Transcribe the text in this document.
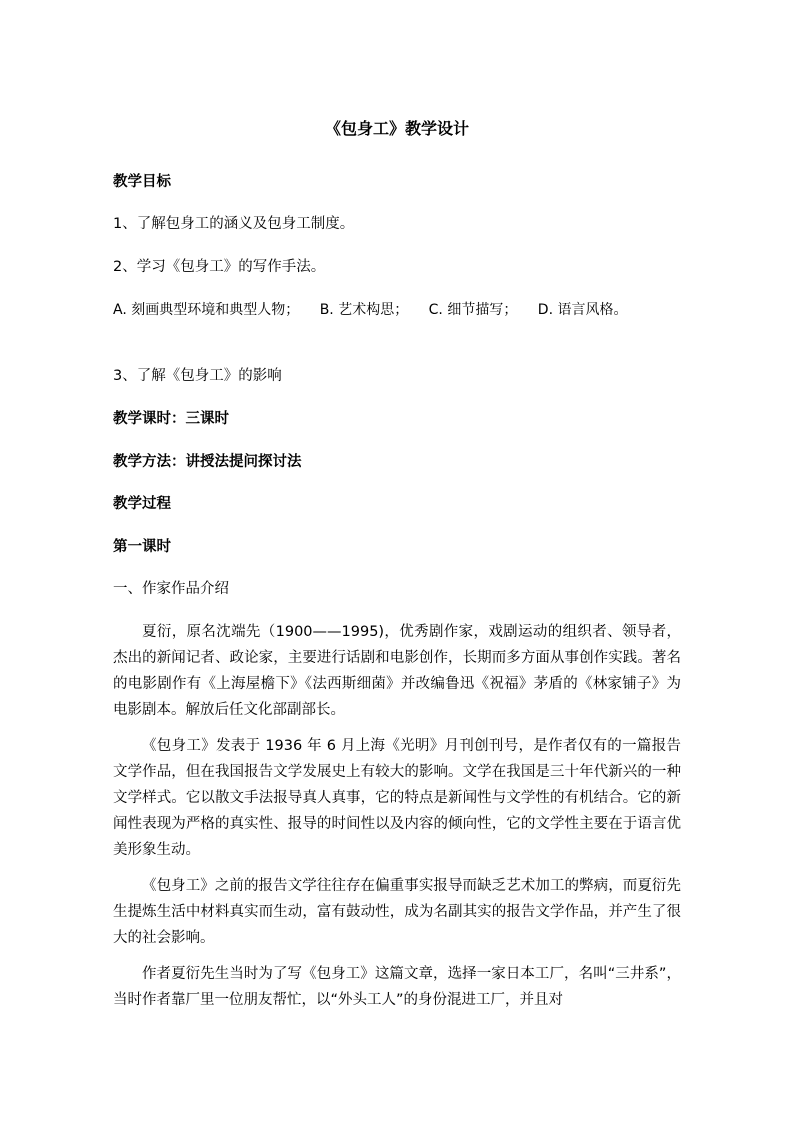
《包身工》教学设计
教学目标
1、了解包身工的涵义及包身工制度。
2、学习《包身工》的写作手法。
A. 刻画典型环境和典型人物； B. 艺术构思； C. 细节描写； D. 语言风格。
3、了解《包身工》的影响
教学课时：三课时
教学方法：讲授法提问探讨法
教学过程
第一课时
一、作家作品介绍
夏衍，原名沈端先（1900——1995)，优秀剧作家，戏剧运动的组织者、领导者，杰出的新闻记者、政论家，主要进行话剧和电影创作，长期而多方面从事创作实践。著名的电影剧作有《上海屋檐下》《法西斯细菌》并改编鲁迅《祝福》茅盾的《林家铺子》为电影剧本。解放后任文化部副部长。
《包身工》发表于 1936 年 6 月上海《光明》月刊创刊号，是作者仅有的一篇报告文学作品，但在我国报告文学发展史上有较大的影响。文学在我国是三十年代新兴的一种文学样式。它以散文手法报导真人真事，它的特点是新闻性与文学性的有机结合。它的新闻性表现为严格的真实性、报导的时间性以及内容的倾向性，它的文学性主要在于语言优美形象生动。
《包身工》之前的报告文学往往存在偏重事实报导而缺乏艺术加工的弊病，而夏衍先生提炼生活中材料真实而生动，富有鼓动性，成为名副其实的报告文学作品，并产生了很大的社会影响。
作者夏衍先生当时为了写《包身工》这篇文章，选择一家日本工厂，名叫“三井系”，当时作者靠厂里一位朋友帮忙，以“外头工人”的身份混进工厂，并且对
